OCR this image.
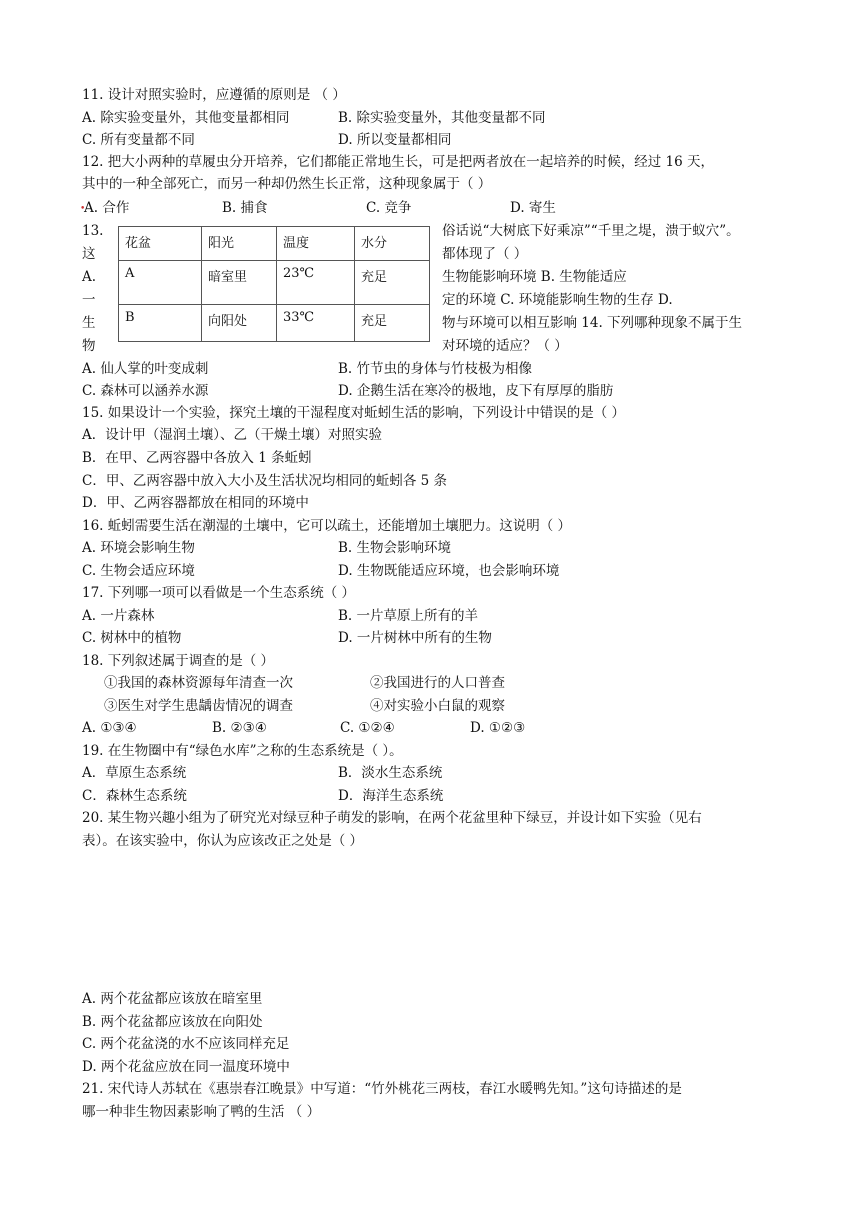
11. 设计对照实验时，应遵循的原则是 （ ）
A. 除实验变量外，其他变量都相同	B. 除实验变量外，其他变量都不同
C. 所有变量都不同	D. 所以变量都相同
12. 把大小两种的草履虫分开培养，它们都能正常地生长，可是把两者放在一起培养的时候，经过 16 天，
其中的一种全部死亡，而另一种却仍然生长正常，这种现象属于（ ）
•
A. 合作	B. 捕食	C. 竞争	D. 寄生
13.
这
A.
一
生
物
花盆	阳光	温度	水分
A	暗室里	23℃	充足
B	向阳处	33℃	充足
俗话说“大树底下好乘凉”“千里之堤，溃于蚁穴”。
都体现了（ ）
生物能影响环境 B. 生物能适应
定的环境 C. 环境能影响生物的生存 D.
物与环境可以相互影响 14. 下列哪种现象不属于生
对环境的适应？（ ）
A. 仙人掌的叶变成刺	B. 竹节虫的身体与竹枝极为相像
C. 森林可以涵养水源	D. 企鹅生活在寒冷的极地，皮下有厚厚的脂肪
15. 如果设计一个实验，探究土壤的干湿程度对蚯蚓生活的影响，下列设计中错误的是（ ）
A．设计甲（湿润土壤）、乙（干燥土壤）对照实验
B．在甲、乙两容器中各放入 1 条蚯蚓
C．甲、乙两容器中放入大小及生活状况均相同的蚯蚓各 5 条
D．甲、乙两容器都放在相同的环境中
16. 蚯蚓需要生活在潮湿的土壤中，它可以疏土，还能增加土壤肥力。这说明（ ）
A. 环境会影响生物	B. 生物会影响环境
C. 生物会适应环境	D. 生物既能适应环境，也会影响环境
17. 下列哪一项可以看做是一个生态系统（ ）
A. 一片森林	B. 一片草原上所有的羊
C. 树林中的植物	D. 一片树林中所有的生物
18. 下列叙述属于调查的是（ ）
①我国的森林资源每年清查一次	②我国进行的人口普查
③医生对学生患龋齿情况的调查	④对实验小白鼠的观察
A. ①③④	B. ②③④	C. ①②④	D. ①②③
19. 在生物圈中有“绿色水库”之称的生态系统是（ ）。
A．草原生态系统	B．淡水生态系统
C．森林生态系统	D．海洋生态系统
20. 某生物兴趣小组为了研究光对绿豆种子萌发的影响，在两个花盆里种下绿豆，并设计如下实验（见右
表）。在该实验中，你认为应该改正之处是（ ）
A. 两个花盆都应该放在暗室里
B. 两个花盆都应该放在向阳处
C. 两个花盆浇的水不应该同样充足
D. 两个花盆应放在同一温度环境中
21. 宋代诗人苏轼在《惠崇春江晚景》中写道：“竹外桃花三两枝，春江水暖鸭先知。”这句诗描述的是
哪一种非生物因素影响了鸭的生活 （ ）
